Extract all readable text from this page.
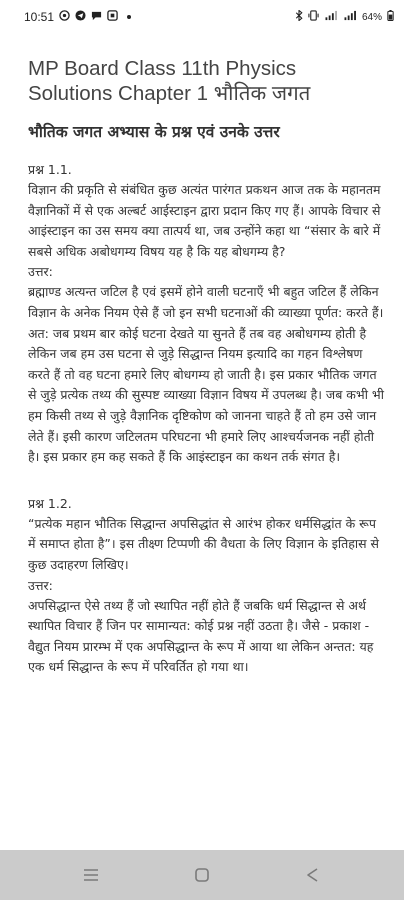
10:51	64%
MP Board Class 11th Physics Solutions Chapter 1 भौतिक जगत
भौतिक जगत अभ्यास के प्रश्न एवं उनके उत्तर
प्रश्न 1.1.

विज्ञान की प्रकृति से संबंधित कुछ अत्यंत पारंगत प्रकथन आज तक के महानतम वैज्ञानिकों में से एक अल्बर्ट आईस्टाइन द्वारा प्रदान किए गए हैं। आपके विचार से आइंस्टाइन का उस समय क्या तात्पर्य था, जब उन्होंने कहा था “संसार के बारे में सबसे अधिक अबोधगम्य विषय यह है कि यह बोधगम्य है?

उत्तर:

ब्रह्माण्ड अत्यन्त जटिल है एवं इसमें होने वाली घटनाएँ भी बहुत जटिल हैं लेकिन विज्ञान के अनेक नियम ऐसे हैं जो इन सभी घटनाओं की व्याख्या पूर्णत: करते हैं। अत: जब प्रथम बार कोई घटना देखते या सुनते हैं तब वह अबोधगम्य होती है लेकिन जब हम उस घटना से जुड़े सिद्धान्त नियम इत्यादि का गहन विश्लेषण करते हैं तो वह घटना हमारे लिए बोधगम्य हो जाती है। इस प्रकार भौतिक जगत से जुड़े प्रत्येक तथ्य की सुस्पष्ट व्याख्या विज्ञान विषय में उपलब्ध है। जब कभी भी हम किसी तथ्य से जुड़े वैज्ञानिक दृष्टिकोण को जानना चाहते हैं तो हम उसे जान लेते हैं। इसी कारण जटिलतम परिघटना भी हमारे लिए आश्चर्यजनक नहीं होती है। इस प्रकार हम कह सकते हैं कि आइंस्टाइन का कथन तर्क संगत है।

प्रश्न 1.2.

“प्रत्येक महान भौतिक सिद्धान्त अपसिद्धांत से आरंभ होकर धर्मसिद्धांत के रूप में समाप्त होता है”। इस तीक्ष्ण टिप्पणी की वैधता के लिए विज्ञान के इतिहास से कुछ उदाहरण लिखिए।

उत्तर:

अपसिद्धान्त ऐसे तथ्य हैं जो स्थापित नहीं होते हैं जबकि धर्म सिद्धान्त से अर्थ स्थापित विचार हैं जिन पर सामान्यत: कोई प्रश्न नहीं उठता है। जैसे - प्रकाश - वैद्युत नियम प्रारम्भ में एक अपसिद्धान्त के रूप में आया था लेकिन अन्तत: यह एक धर्म सिद्धान्त के रूप में परिवर्तित हो गया था।
